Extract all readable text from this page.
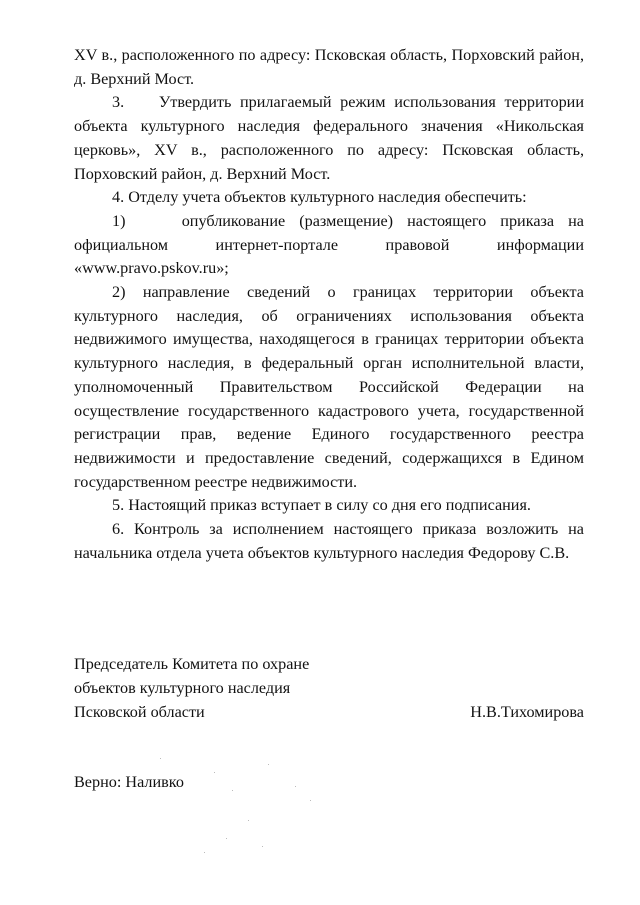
XV в., расположенного по адресу: Псковская область, Порховский район, д. Верхний Мост.

3.    Утвердить прилагаемый режим использования территории объекта культурного наследия федерального значения «Никольская церковь», XV в., расположенного по адресу: Псковская область, Порховский район, д. Верхний Мост.

4. Отделу учета объектов культурного наследия обеспечить:

1)    опубликование (размещение) настоящего приказа на официальном интернет-портале правовой информации «www.pravo.pskov.ru»;

2) направление сведений о границах территории объекта культурного наследия, об ограничениях использования объекта недвижимого имущества, находящегося в границах территории объекта культурного наследия, в федеральный орган исполнительной власти, уполномоченный Правительством Российской Федерации на осуществление государственного кадастрового учета, государственной регистрации прав, ведение Единого государственного реестра недвижимости и предоставление сведений, содержащихся в Едином государственном реестре недвижимости.

5. Настоящий приказ вступает в силу со дня его подписания.

6. Контроль за исполнением настоящего приказа возложить на начальника отдела учета объектов культурного наследия Федорову С.В.

Председатель Комитета по охране
объектов культурного наследия
Псковской области	Н.В.Тихомирова
Верно: Наливко
